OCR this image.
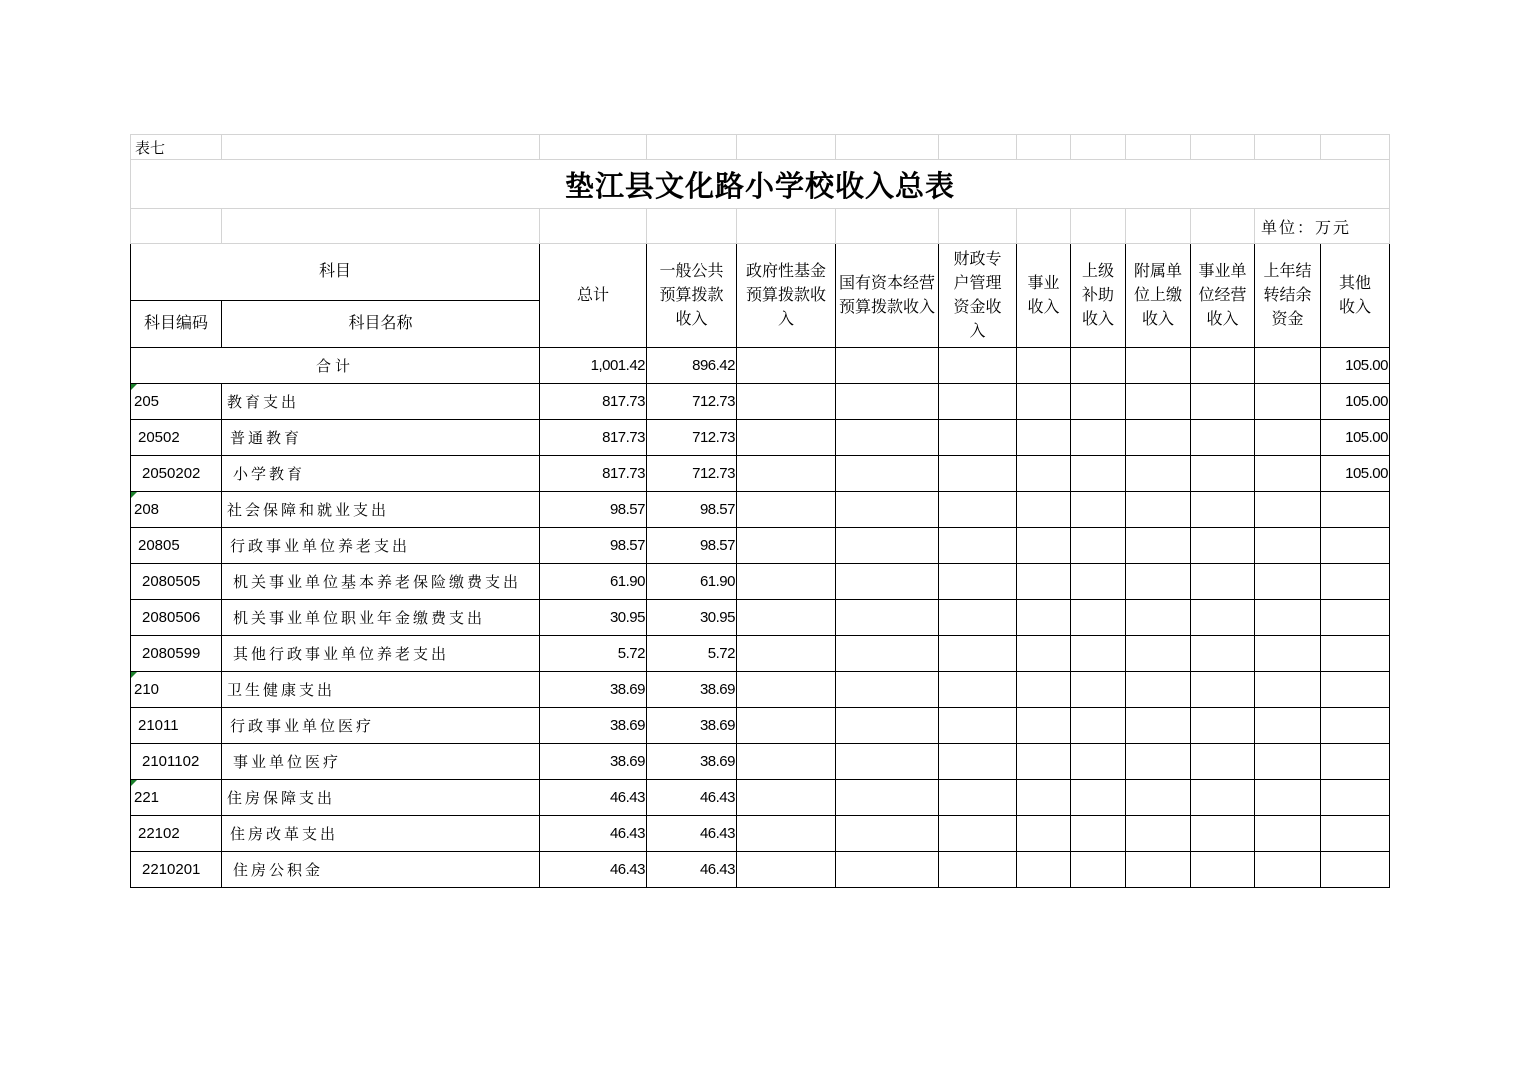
表七												
垫江县文化路小学校收入总表												
											单位：万元	
科目		总计	一般公共预算拨款收入	政府性基金预算拨款收入	国有资本经营预算拨款收入	财政专户管理资金收入	事业收入	上级补助收入	附属单位上缴收入	事业单位经营收入	上年结转结余资金	其他收入
科目编码	科目名称											
合计		1,001.42	896.42									105.00
205	教育支出	817.73	712.73									105.00
20502	普通教育	817.73	712.73									105.00
2050202	小学教育	817.73	712.73									105.00
208	社会保障和就业支出	98.57	98.57									
20805	行政事业单位养老支出	98.57	98.57									
2080505	机关事业单位基本养老保险缴费支出	61.90	61.90									
2080506	机关事业单位职业年金缴费支出	30.95	30.95									
2080599	其他行政事业单位养老支出	5.72	5.72									
210	卫生健康支出	38.69	38.69									
21011	行政事业单位医疗	38.69	38.69									
2101102	事业单位医疗	38.69	38.69									
221	住房保障支出	46.43	46.43									
22102	住房改革支出	46.43	46.43									
2210201	住房公积金	46.43	46.43									
